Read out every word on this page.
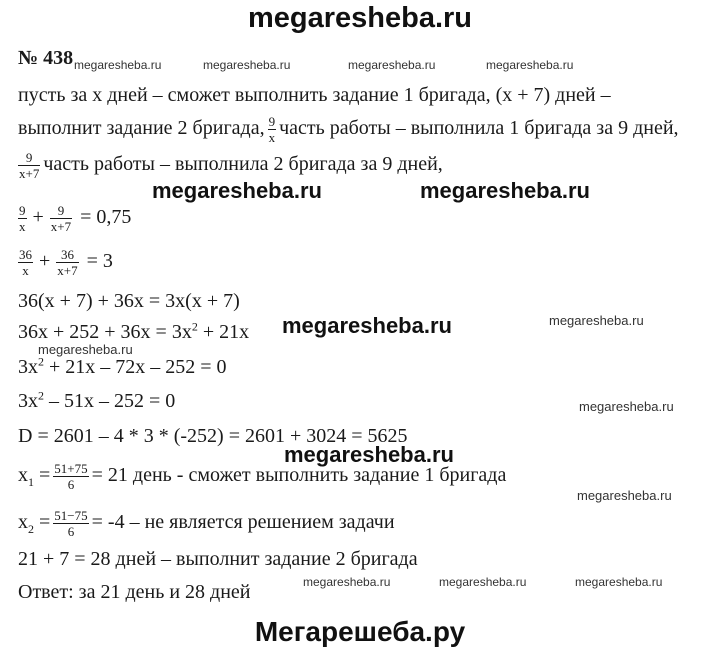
megaresheba.ru
№ 438 megaresheba.ru	megaresheba.ru	megaresheba.ru	megaresheba.ru
пусть за х дней – сможет выполнить задание 1 бригада, (х + 7) дней –
выполнит задание 2 бригада, $\frac{9}{x}$ часть работы – выполнила 1 бригада за 9 дней,
$\frac{9}{x+7}$ часть работы – выполнила 2 бригада за 9 дней,
megaresheba.ru	megaresheba.ru
$\frac{9}{x} + \frac{9}{x+7} = 0,75$
$\frac{36}{x} + \frac{36}{x+7} = 3$
36(х + 7) + 36х = 3х(х + 7)
$36х + 252 + 36х = 3х^2 + 21х$ megaresheba.ru	megaresheba.ru
megaresheba.ru
$3х^2 + 21х - 72х - 252 = 0$
$3х^2 - 51х - 252 = 0$	megaresheba.ru
D = 2601 – 4 * 3 * (-252) = 2601 + 3024 = 5625
megaresheba.ru
$x_1 = \frac{51+75}{6} = 21$ день - сможет выполнить задание 1 бригада
megaresheba.ru
$x_2 = \frac{51-75}{6} = -4$ – не является решением задачи
21 + 7 = 28 дней – выполнит задание 2 бригада
megaresheba.ru	megaresheba.ru	megaresheba.ru
Ответ: за 21 день и 28 дней
Мегарешеба.ру
